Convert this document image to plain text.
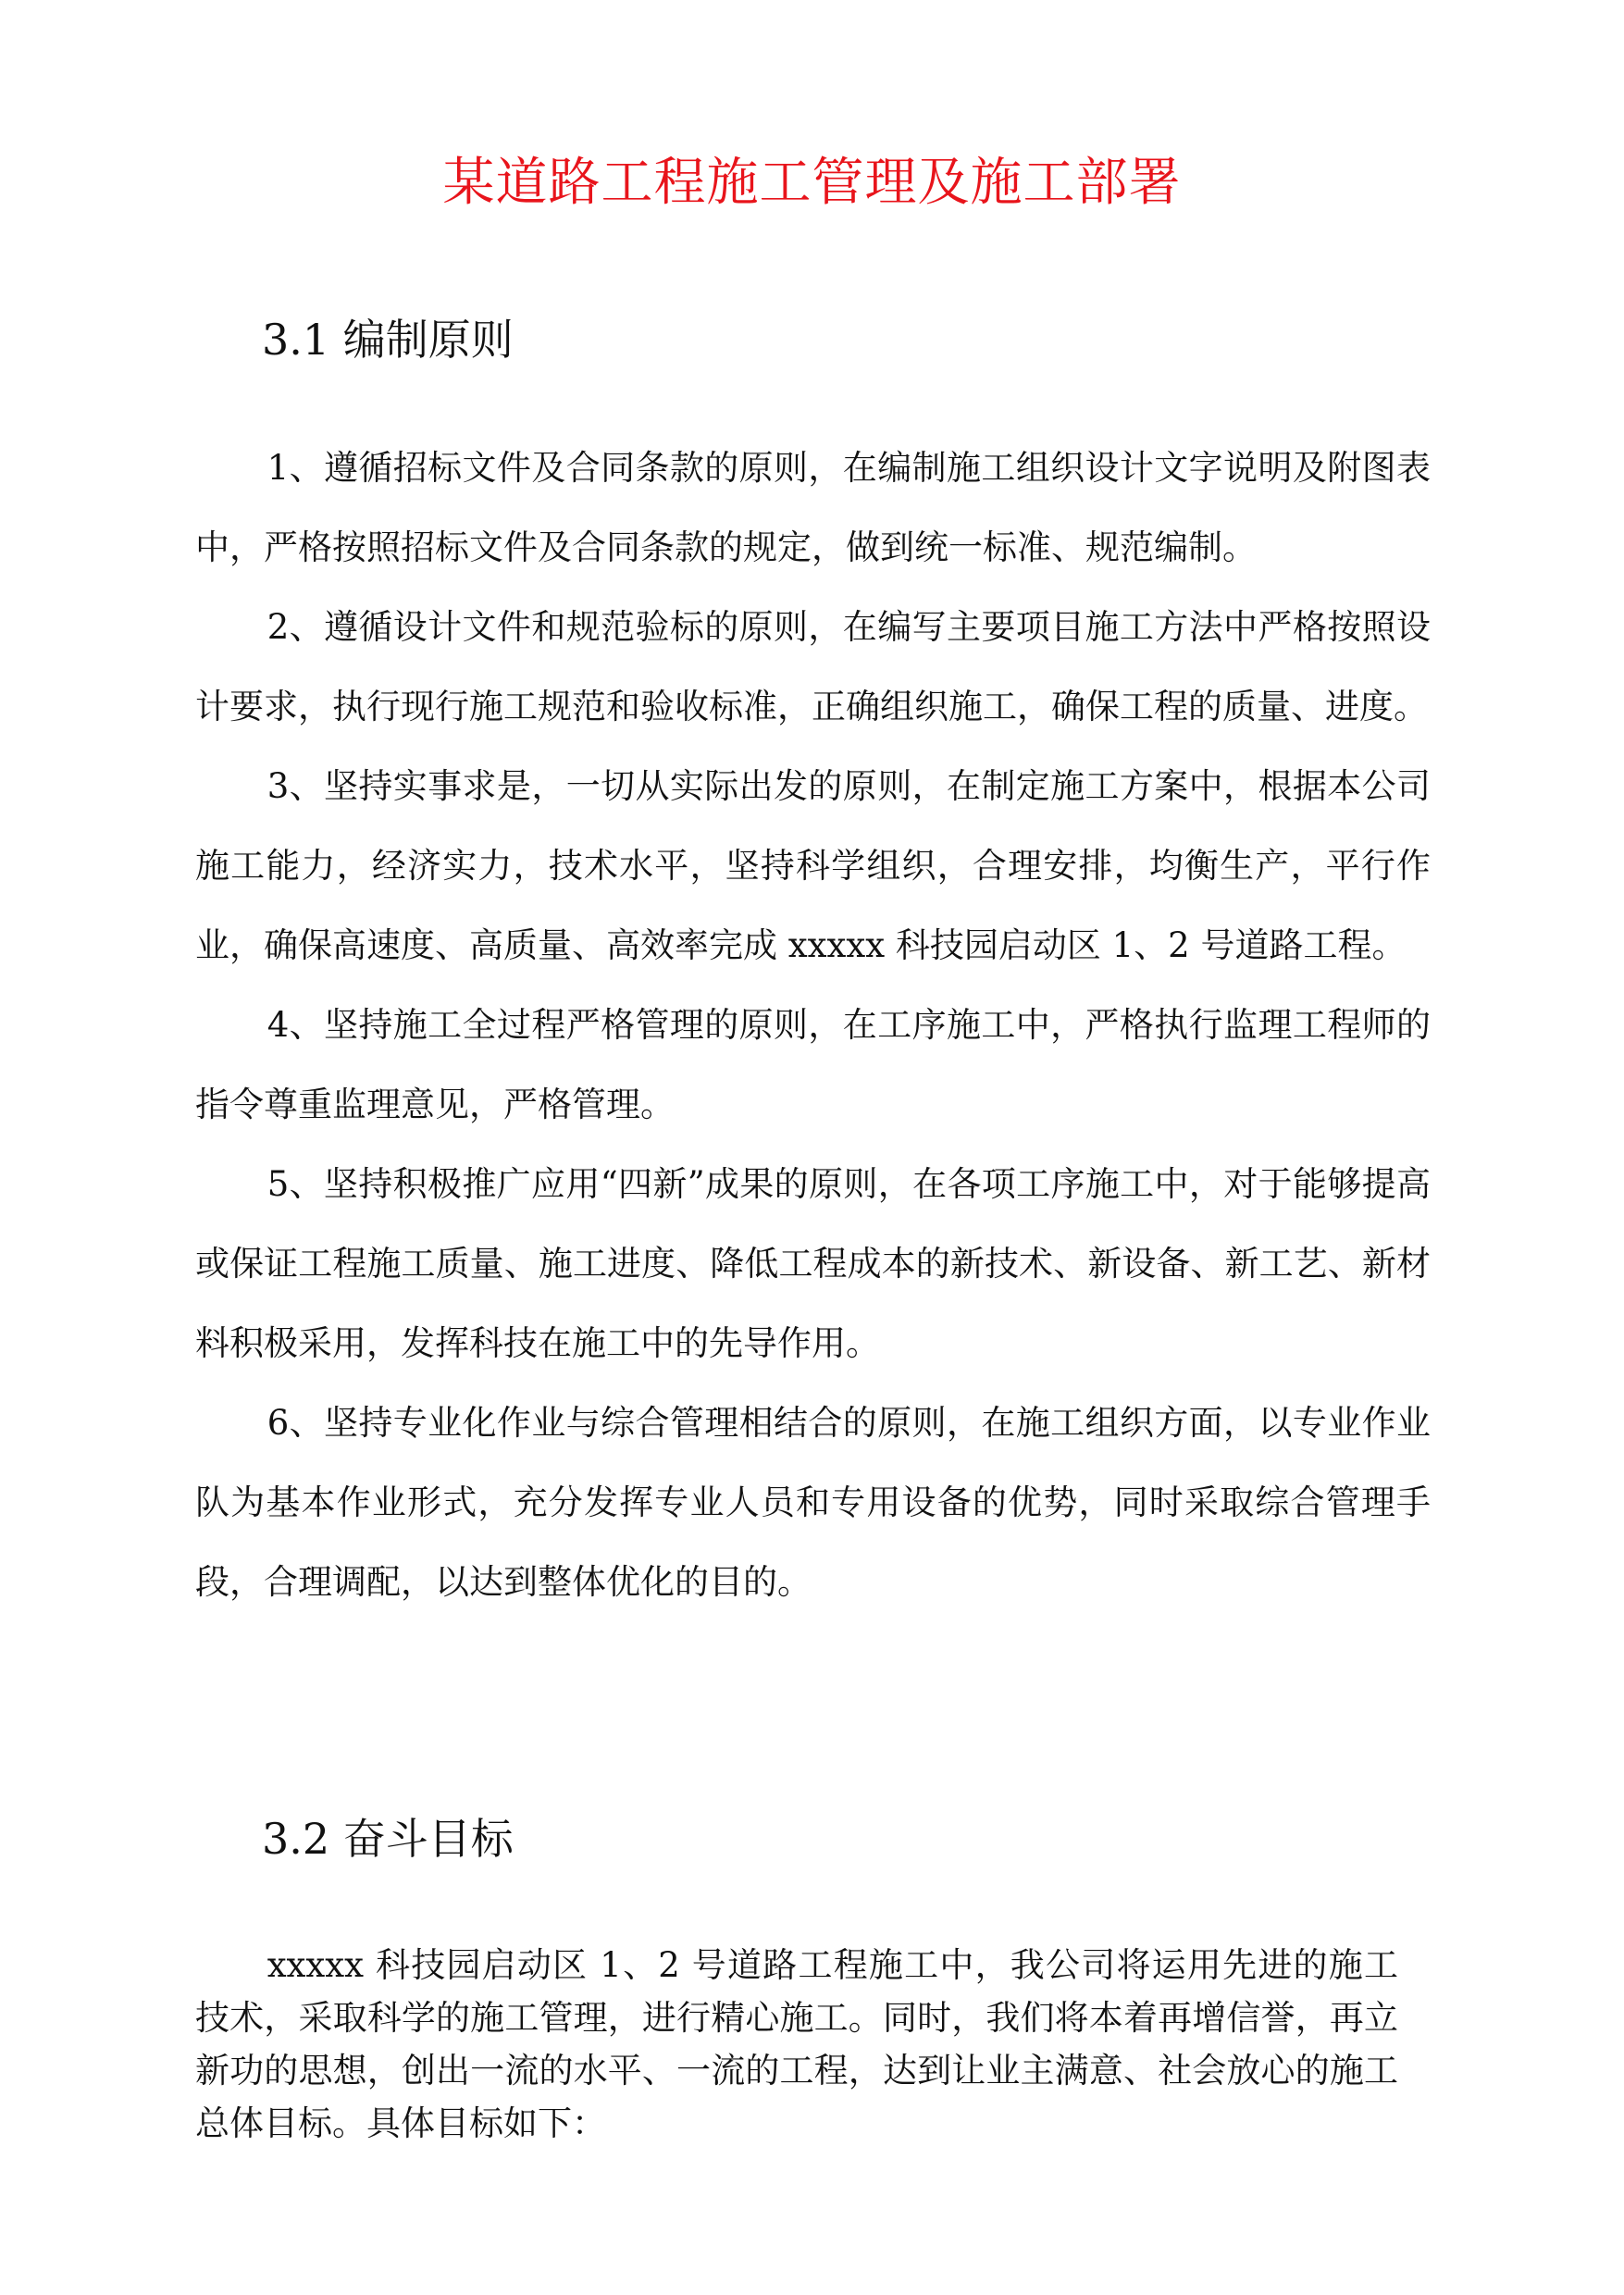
某道路工程施工管理及施工部署
3.1 编制原则

1、遵循招标文件及合同条款的原则，在编制施工组织设计文字说明及附图表中，严格按照招标文件及合同条款的规定，做到统一标准、规范编制。

2、遵循设计文件和规范验标的原则，在编写主要项目施工方法中严格按照设计要求，执行现行施工规范和验收标准，正确组织施工，确保工程的质量、进度。

3、坚持实事求是，一切从实际出发的原则，在制定施工方案中，根据本公司施工能力，经济实力，技术水平，坚持科学组织，合理安排，均衡生产，平行作业，确保高速度、高质量、高效率完成 xxxxx 科技园启动区 1、2 号道路工程。

4、坚持施工全过程严格管理的原则，在工序施工中，严格执行监理工程师的指令尊重监理意见，严格管理。

5、坚持积极推广应用“四新”成果的原则，在各项工序施工中，对于能够提高或保证工程施工质量、施工进度、降低工程成本的新技术、新设备、新工艺、新材料积极采用，发挥科技在施工中的先导作用。

6、坚持专业化作业与综合管理相结合的原则，在施工组织方面，以专业作业队为基本作业形式，充分发挥专业人员和专用设备的优势，同时采取综合管理手段，合理调配，以达到整体优化的目的。

3.2 奋斗目标

xxxxx 科技园启动区 1、2 号道路工程施工中，我公司将运用先进的施工技术，采取科学的施工管理，进行精心施工。同时，我们将本着再增信誉，再立新功的思想，创出一流的水平、一流的工程，达到让业主满意、社会放心的施工总体目标。具体目标如下：
